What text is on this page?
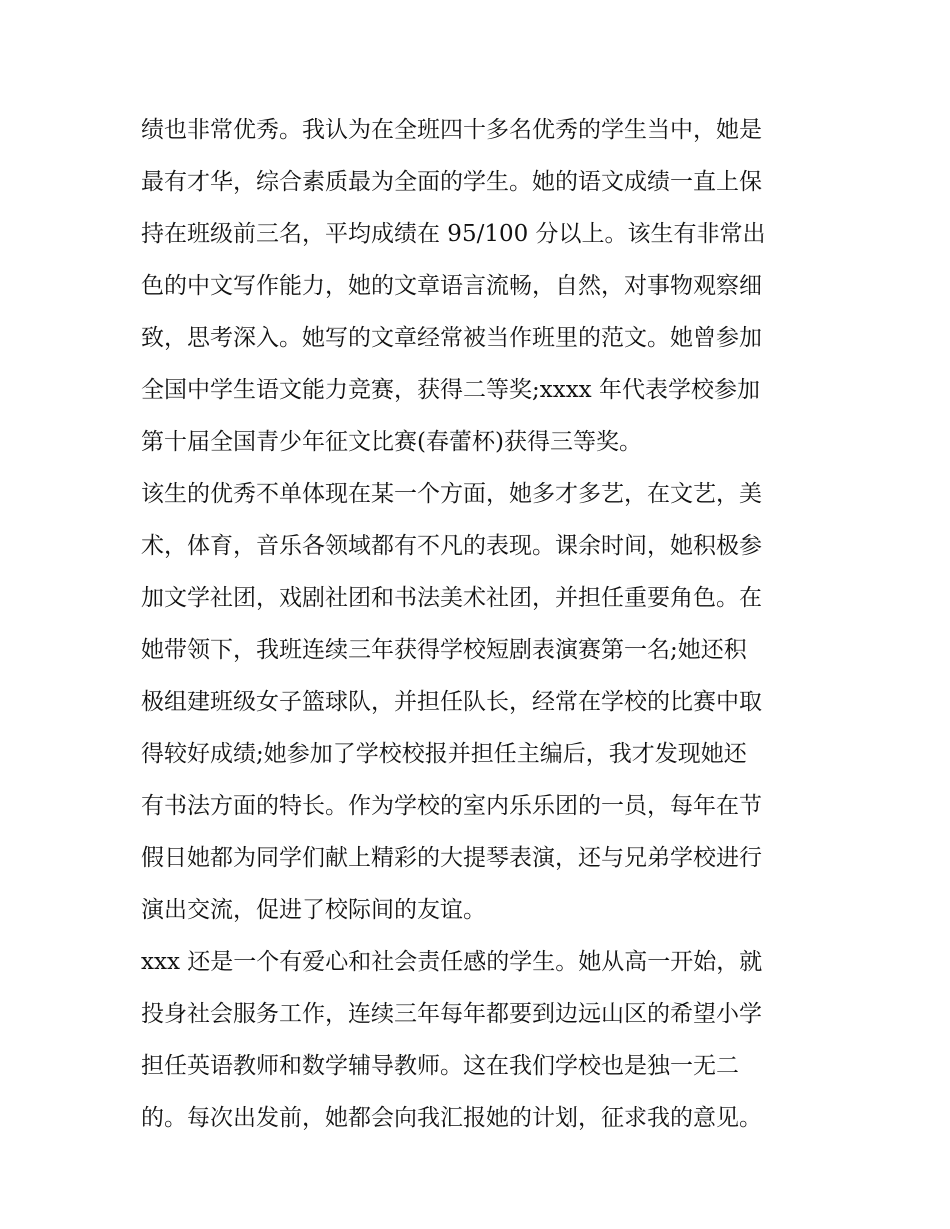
绩也非常优秀。我认为在全班四十多名优秀的学生当中，她是
最有才华，综合素质最为全面的学生。她的语文成绩一直上保
持在班级前三名，平均成绩在 95/100 分以上。该生有非常出
色的中文写作能力，她的文章语言流畅，自然，对事物观察细
致，思考深入。她写的文章经常被当作班里的范文。她曾参加
全国中学生语文能力竞赛，获得二等奖;xxxx 年代表学校参加
第十届全国青少年征文比赛(春蕾杯)获得三等奖。
该生的优秀不单体现在某一个方面，她多才多艺，在文艺，美
术，体育，音乐各领域都有不凡的表现。课余时间，她积极参
加文学社团，戏剧社团和书法美术社团，并担任重要角色。在
她带领下，我班连续三年获得学校短剧表演赛第一名;她还积
极组建班级女子篮球队，并担任队长，经常在学校的比赛中取
得较好成绩;她参加了学校校报并担任主编后，我才发现她还
有书法方面的特长。作为学校的室内乐乐团的一员，每年在节
假日她都为同学们献上精彩的大提琴表演，还与兄弟学校进行
演出交流，促进了校际间的友谊。
xxx 还是一个有爱心和社会责任感的学生。她从高一开始，就
投身社会服务工作，连续三年每年都要到边远山区的希望小学
担任英语教师和数学辅导教师。这在我们学校也是独一无二
的。每次出发前，她都会向我汇报她的计划，征求我的意见。
